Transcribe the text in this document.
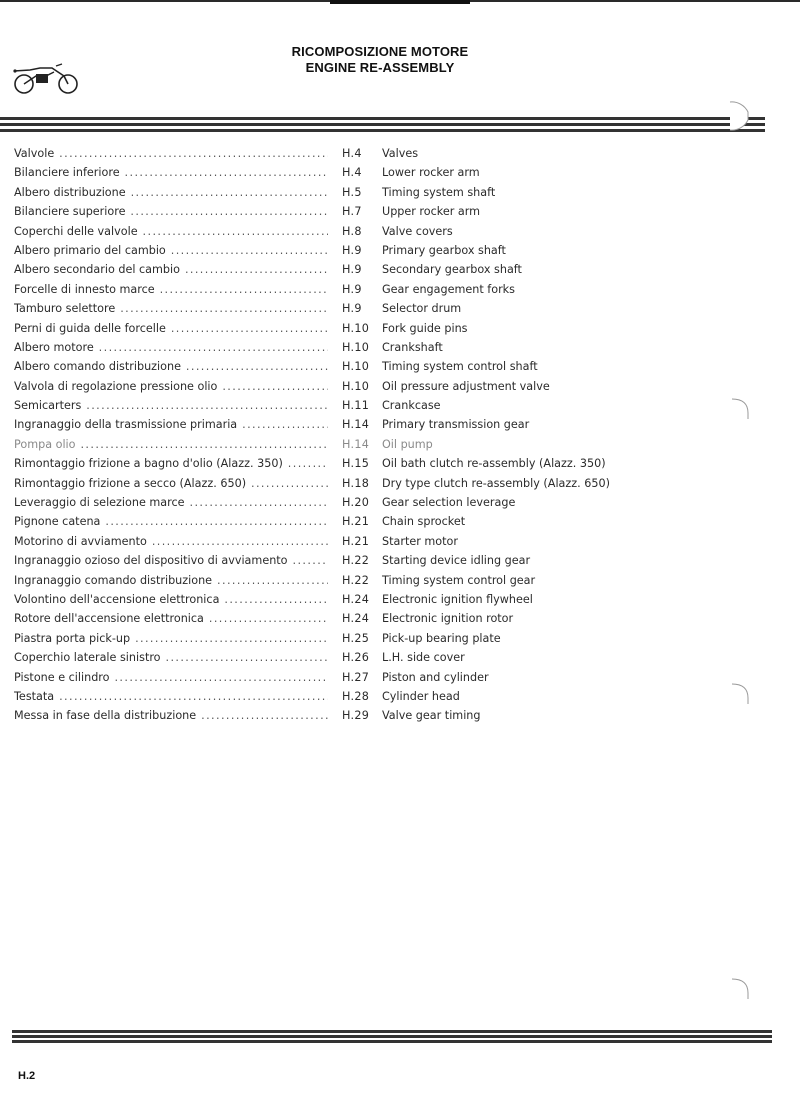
RICOMPOSIZIONE MOTORE
ENGINE RE-ASSEMBLY
Valvole .....	H.4	Valves
Bilanciere inferiore .....	H.4	Lower rocker arm
Albero distribuzione .....	H.5	Timing system shaft
Bilanciere superiore .....	H.7	Upper rocker arm
Coperchi delle valvole .....	H.8	Valve covers
Albero primario del cambio .....	H.9	Primary gearbox shaft
Albero secondario del cambio .....	H.9	Secondary gearbox shaft
Forcelle di innesto marce .....	H.9	Gear engagement forks
Tamburo selettore .....	H.9	Selector drum
Perni di guida delle forcelle .....	H.10	Fork guide pins
Albero motore .....	H.10	Crankshaft
Albero comando distribuzione .....	H.10	Timing system control shaft
Valvola di regolazione pressione olio .....	H.10	Oil pressure adjustment valve
Semicarters .....	H.11	Crankcase
Ingranaggio della trasmissione primaria .....	H.14	Primary transmission gear
Pompa olio .....	H.14	Oil pump
Rimontaggio frizione a bagno d'olio (Alazz. 350) .....	H.15	Oil bath clutch re-assembly (Alazz. 350)
Rimontaggio frizione a secco (Alazz. 650) .....	H.18	Dry type clutch re-assembly (Alazz. 650)
Leveraggio di selezione marce .....	H.20	Gear selection leverage
Pignone catena .....	H.21	Chain sprocket
Motorino di avviamento .....	H.21	Starter motor
Ingranaggio ozioso del dispositivo di avviamento .....	H.22	Starting device idling gear
Ingranaggio comando distribuzione .....	H.22	Timing system control gear
Volontino dell'accensione elettronica .....	H.24	Electronic ignition flywheel
Rotore dell'accensione elettronica .....	H.24	Electronic ignition rotor
Piastra porta pick-up .....	H.25	Pick-up bearing plate
Coperchio laterale sinistro .....	H.26	L.H. side cover
Pistone e cilindro .....	H.27	Piston and cylinder
Testata .....	H.28	Cylinder head
Messa in fase della distribuzione .....	H.29	Valve gear timing
H.2
